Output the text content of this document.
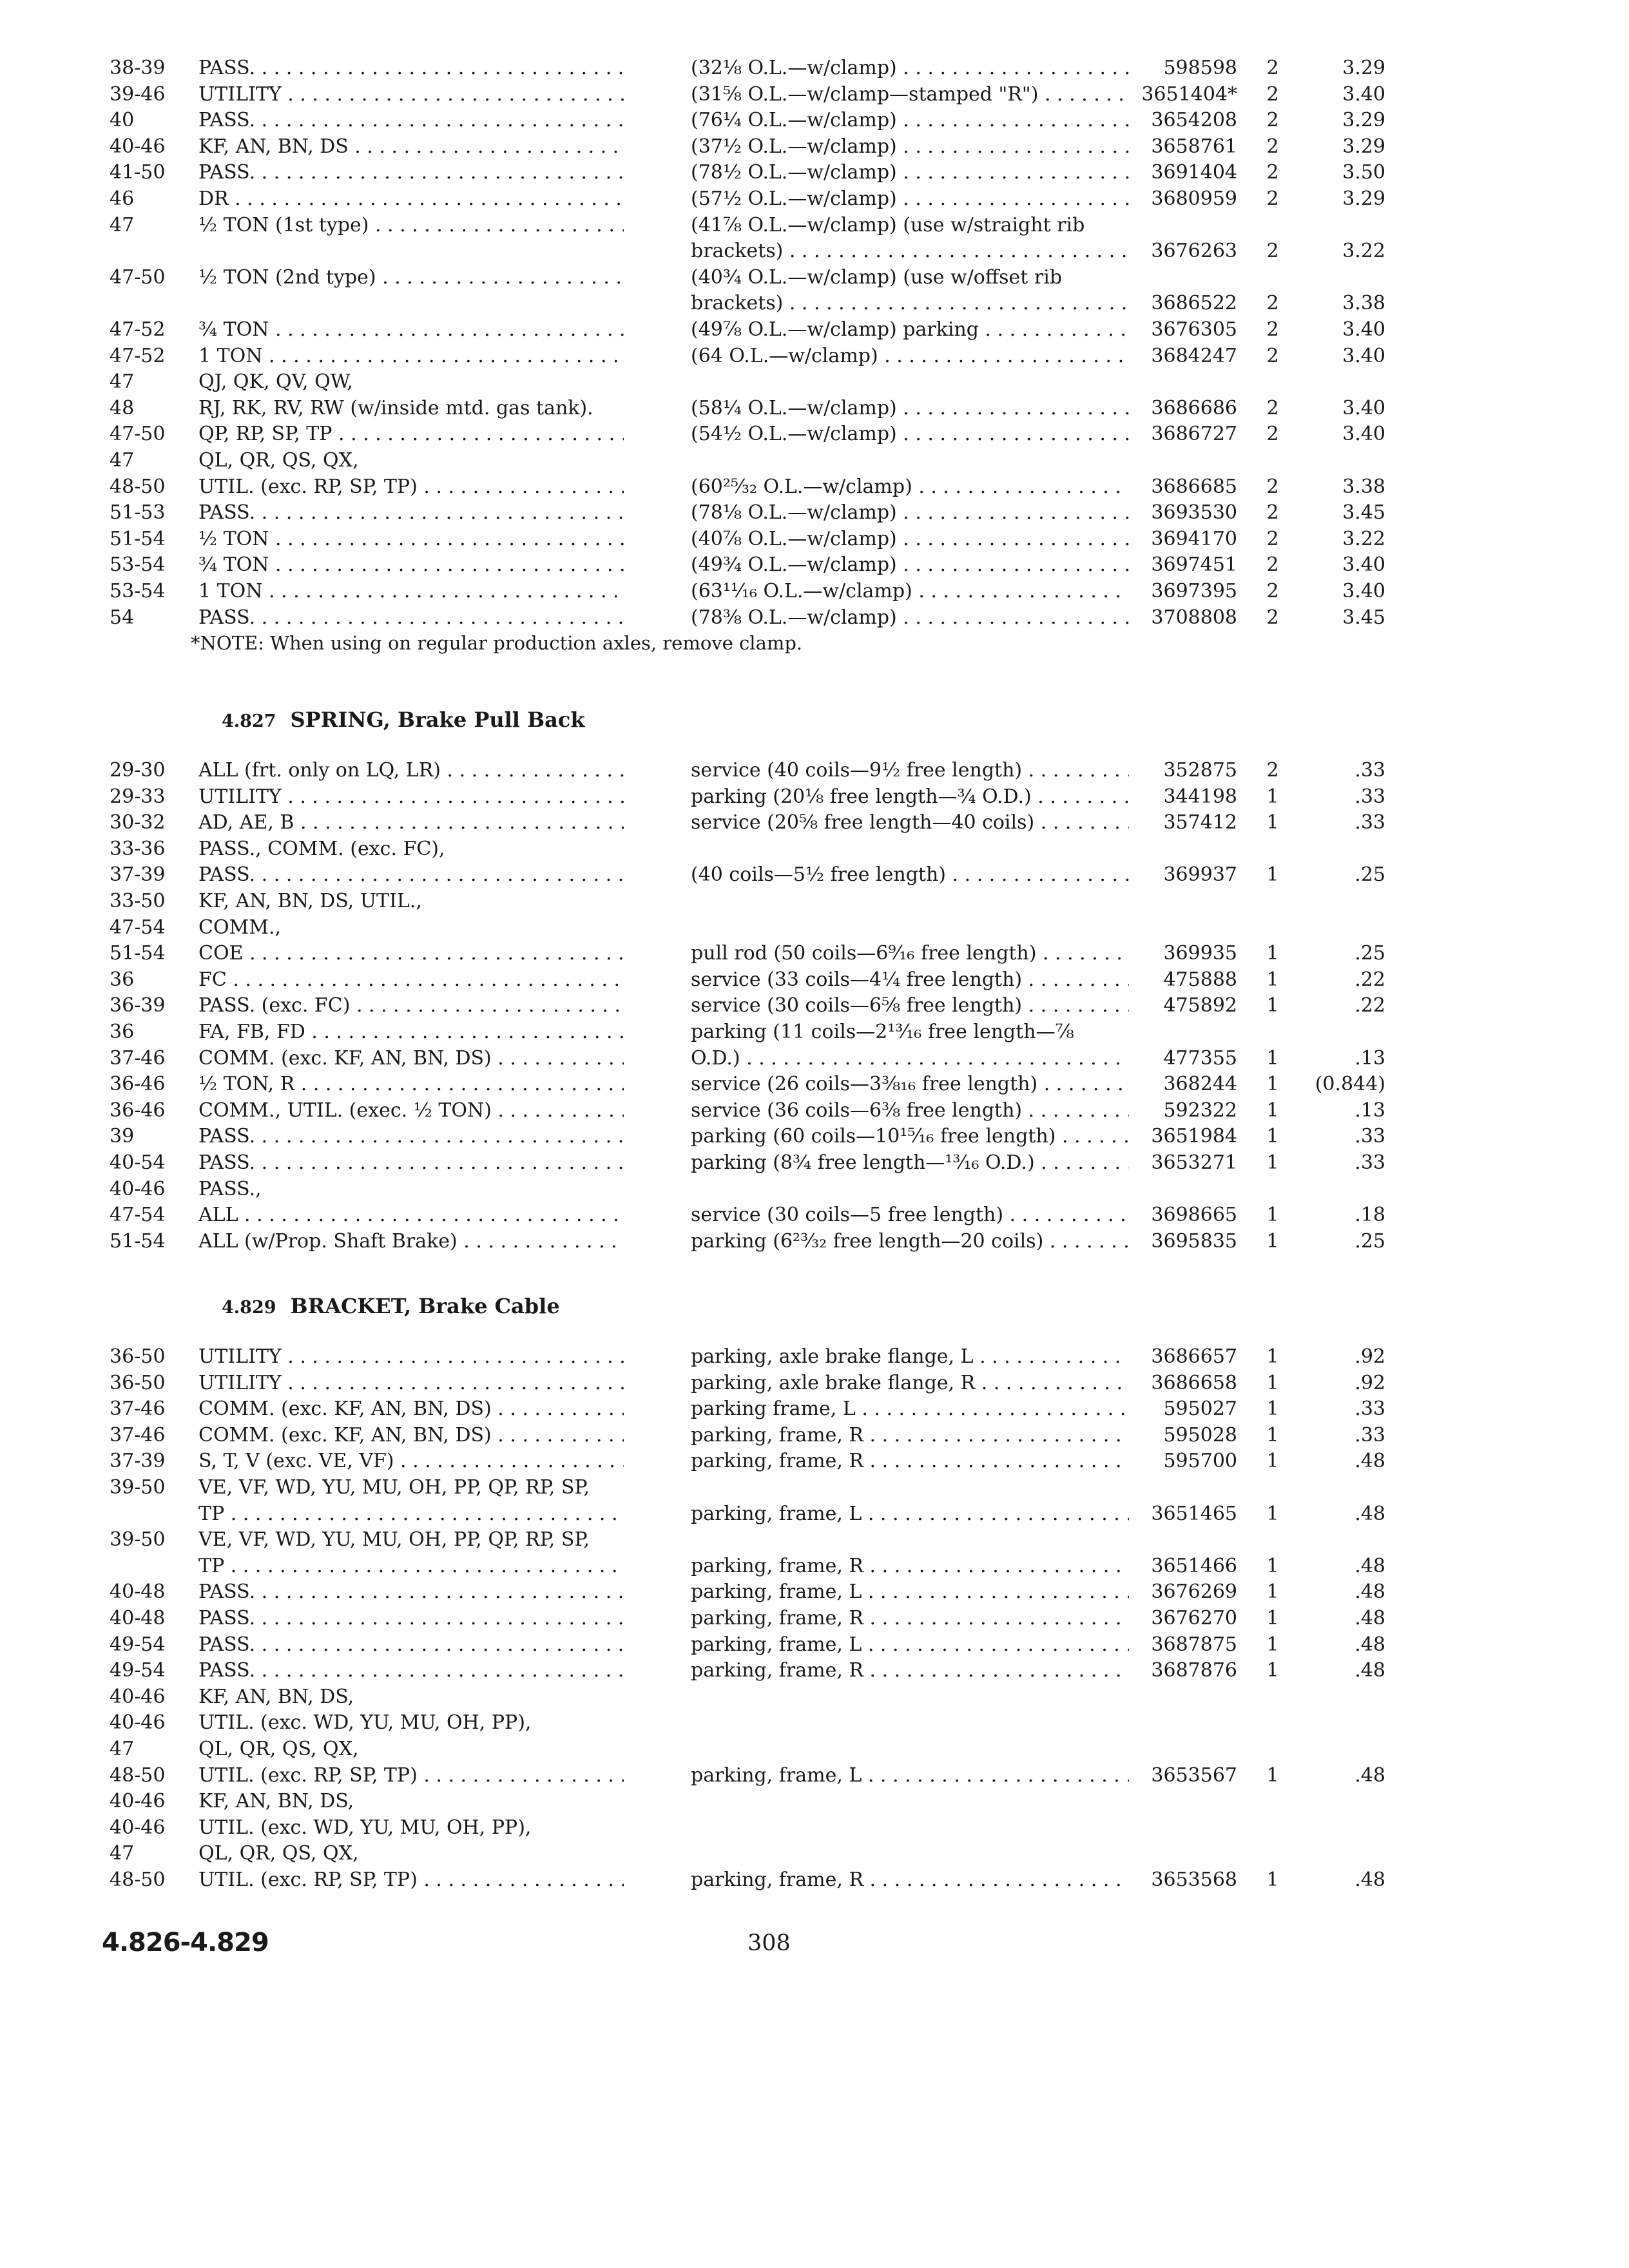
38-39 PASS. . . .	(32⅛ O.L.—w/clamp) . . .	598598	2	3.29
39-46 UTILITY . . .	(31⅝ O.L.—w/clamp—stamped "R") . . .	3651404*	2	3.40
40	PASS. . . .	(76¼ O.L.—w/clamp) . . .	3654208	2	3.29
40-46 KF, AN, BN, DS . . .	(37½ O.L.—w/clamp) . . .	3658761	2	3.29
41-50 PASS. . . .	(78½ O.L.—w/clamp) . . .	3691404	2	3.50
46	DR . . .	(57½ O.L.—w/clamp) . . .	3680959	2	3.29
47	½ TON (1st type) . . .	(41⅞ O.L.—w/clamp) (use w/straight rib
brackets) . . .	3676263	2	3.22
47-50 ½ TON (2nd type) . . .	(40¾ O.L.—w/clamp) (use w/offset rib
brackets) . . .	3686522	2	3.38
47-52 ¾ TON . . .	(49⅞ O.L.—w/clamp) parking . . .	3676305	2	3.40
47-52 1 TON . . .	(64 O.L.—w/clamp) . . .	3684247	2	3.40
47	QJ, QK, QV, QW,
48	RJ, RK, RV, RW (w/inside mtd. gas tank).	(58¼ O.L.—w/clamp) . . .	3686686	2	3.40
47-50 QP, RP, SP, TP . . .	(54½ O.L.—w/clamp) . . .	3686727	2	3.40
47	QL, QR, QS, QX,
48-50 UTIL. (exc. RP, SP, TP) . . .	(60²⁵⁄₃₂ O.L.—w/clamp) . . .	3686685	2	3.38
51-53 PASS. . . .	(78⅛ O.L.—w/clamp) . . .	3693530	2	3.45
51-54 ½ TON . . .	(40⅞ O.L.—w/clamp) . . .	3694170	2	3.22
53-54 ¾ TON . . .	(49¾ O.L.—w/clamp) . . .	3697451	2	3.40
53-54 1 TON . . .	(63¹¹⁄₁₆ O.L.—w/clamp) . . .	3697395	2	3.40
54	PASS. . . .	(78⅜ O.L.—w/clamp) . . .	3708808	2	3.45
*NOTE: When using on regular production axles, remove clamp.
4.827 SPRING, Brake Pull Back
29-30 ALL (frt. only on LQ, LR) . . .	service (40 coils—9½ free length) . . .	352875	2	.33
29-33 UTILITY . . .	parking (20⅛ free length—¾ O.D.) . . .	344198	1	.33
30-32 AD, AE, B . . .	service (20⅝ free length—40 coils) . . .	357412	1	.33
33-36 PASS., COMM. (exc. FC),
37-39 PASS. . . .	(40 coils—5½ free length) . . .	369937	1	.25
33-50 KF, AN, BN, DS, UTIL.,
47-54 COMM.,
51-54 COE . . .	pull rod (50 coils—6⁹⁄₁₆ free length) . . .	369935	1	.25
36	FC . . .	service (33 coils—4¼ free length) . . .	475888	1	.22
36-39 PASS. (exc. FC) . . .	service (30 coils—6⅝ free length) . . .	475892	1	.22
36	FA, FB, FD . . .	parking (11 coils—2¹³⁄₁₆ free length—⅞
37-46 COMM. (exc. KF, AN, BN, DS) . . .	O.D.) . . .	477355	1	.13
36-46 ½ TON, R . . .	service (26 coils—3⅜₁₆ free length) . . .	368244	1	(0.844)
36-46 COMM., UTIL. (exec. ½ TON) . . .	service (36 coils—6⅜ free length) . . .	592322	1	.13
39	PASS. . . .	parking (60 coils—10¹⁵⁄₁₆ free length) . . .	3651984	1	.33
40-54 PASS. . . .	parking (8¾ free length—¹³⁄₁₆ O.D.) . . .	3653271	1	.33
40-46 PASS.,
47-54 ALL . . .	service (30 coils—5 free length) . . .	3698665	1	.18
51-54 ALL (w/Prop. Shaft Brake) . . .	parking (6²³⁄₃₂ free length—20 coils) . . .	3695835	1	.25
4.829 BRACKET, Brake Cable
36-50 UTILITY . . .	parking, axle brake flange, L . . .	3686657	1	.92
36-50 UTILITY . . .	parking, axle brake flange, R . . .	3686658	1	.92
37-46 COMM. (exc. KF, AN, BN, DS) . . .	parking frame, L . . .	595027	1	.33
37-46 COMM. (exc. KF, AN, BN, DS) . . .	parking, frame, R . . .	595028	1	.33
37-39 S, T, V (exc. VE, VF) . . .	parking, frame, R . . .	595700	1	.48
39-50 VE, VF, WD, YU, MU, OH, PP, QP, RP, SP,
TP . . .	parking, frame, L . . .	3651465	1	.48
39-50 VE, VF, WD, YU, MU, OH, PP, QP, RP, SP,
TP . . .	parking, frame, R . . .	3651466	1	.48
40-48 PASS. . . .	parking, frame, L . . .	3676269	1	.48
40-48 PASS. . . .	parking, frame, R . . .	3676270	1	.48
49-54 PASS. . . .	parking, frame, L . . .	3687875	1	.48
49-54 PASS. . . .	parking, frame, R . . .	3687876	1	.48
40-46 KF, AN, BN, DS,
40-46 UTIL. (exc. WD, YU, MU, OH, PP),
47	QL, QR, QS, QX,
48-50 UTIL. (exc. RP, SP, TP) . . .	parking, frame, L . . .	3653567	1	.48
40-46 KF, AN, BN, DS,
40-46 UTIL. (exc. WD, YU, MU, OH, PP),
47	QL, QR, QS, QX,
48-50 UTIL. (exc. RP, SP, TP) . . .	parking, frame, R . . .	3653568	1	.48
4.826-4.829	308
